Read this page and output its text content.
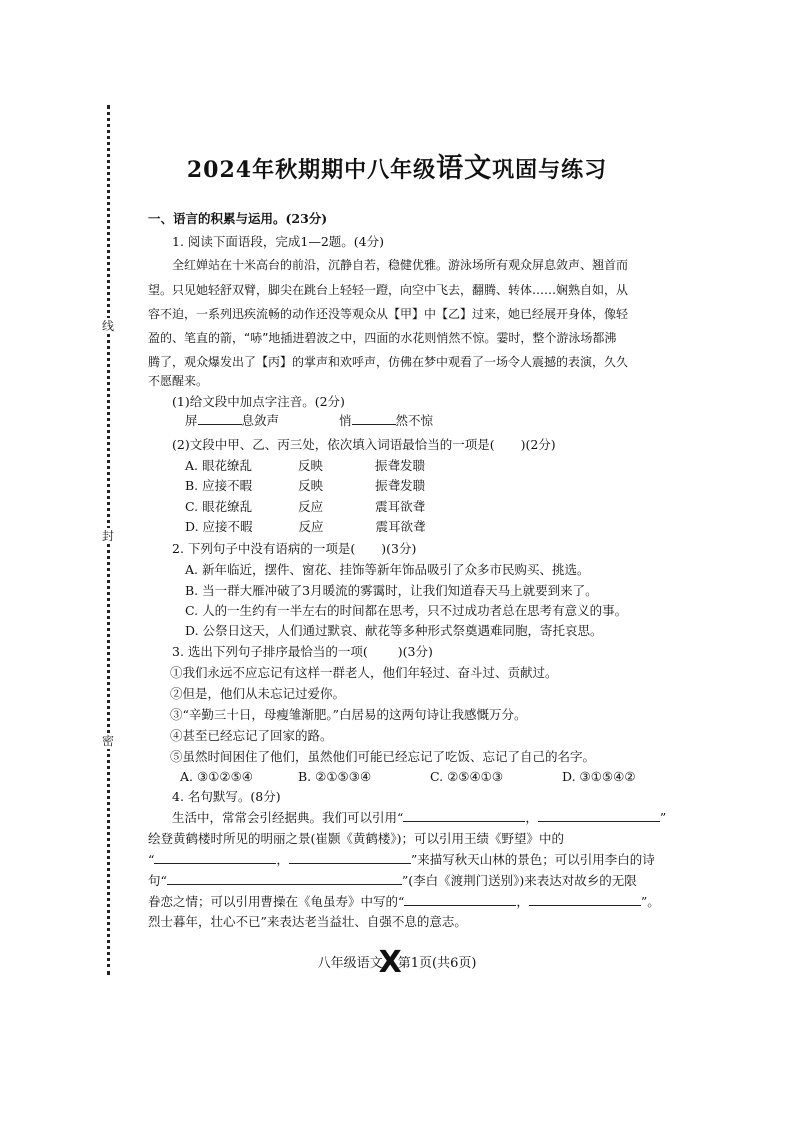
线
封
密
2024年秋期期中八年级语文巩固与练习
一、语言的积累与运用。(23分)
1. 阅读下面语段，完成1—2题。(4分)
全红婵站在十米高台的前沿，沉静自若，稳健优雅。游泳场所有观众屏息敛声、翘首而
望。只见她轻舒双臂，脚尖在跳台上轻轻一蹬，向空中飞去，翻腾、转体……娴熟自如，从
容不迫，一系列迅疾流畅的动作还没等观众从【甲】中【乙】过来，她已经展开身体，像轻
盈的、笔直的箭，“哧”地插进碧波之中，四面的水花则悄然不惊。霎时，整个游泳场都沸
腾了，观众爆发出了【丙】的掌声和欢呼声，仿佛在梦中观看了一场令人震撼的表演，久久
不愿醒来。
(1)给文段中加点字注音。(2分)
屏	息敛声	悄	然不惊
(2)文段中甲、乙、丙三处，依次填入词语最恰当的一项是( )(2分)
A. 眼花缭乱	反映	振聋发聩
B. 应接不暇	反映	振聋发聩
C. 眼花缭乱	反应	震耳欲聋
D. 应接不暇	反应	震耳欲聋
2. 下列句子中没有语病的一项是( )(3分)
A. 新年临近，摆件、窗花、挂饰等新年饰品吸引了众多市民购买、挑选。
B. 当一群大雁冲破了3月暖流的雾霭时，让我们知道春天马上就要到来了。
C. 人的一生约有一半左右的时间都在思考，只不过成功者总在思考有意义的事。
D. 公祭日这天，人们通过默哀、献花等多种形式祭奠遇难同胞，寄托哀思。
3. 选出下列句子排序最恰当的一项( )(3分)
①我们永远不应忘记有这样一群老人，他们年轻过、奋斗过、贡献过。
②但是，他们从未忘记过爱你。
③“辛勤三十日，母瘦雏渐肥。”白居易的这两句诗让我感慨万分。
④甚至已经忘记了回家的路。
⑤虽然时间困住了他们，虽然他们可能已经忘记了吃饭、忘记了自己的名字。
A. ③①②⑤④	B. ②①⑤③④	C. ②⑤④①③	D. ③①⑤④②
4. 名句默写。(8分)
生活中，常常会引经据典。我们可以引用“	，	”
绘登黄鹤楼时所见的明丽之景(崔颢《黄鹤楼》)；可以引用王绩《野望》中的
“	，	”来描写秋天山林的景色；可以引用李白的诗
句“	”(李白《渡荆门送别》)来表达对故乡的无限
眷恋之情；可以引用曹操在《龟虽寿》中写的“	，	”。
烈士暮年，壮心不已”来表达老当益壮、自强不息的意志。
八年级语文X第1页(共6页)
